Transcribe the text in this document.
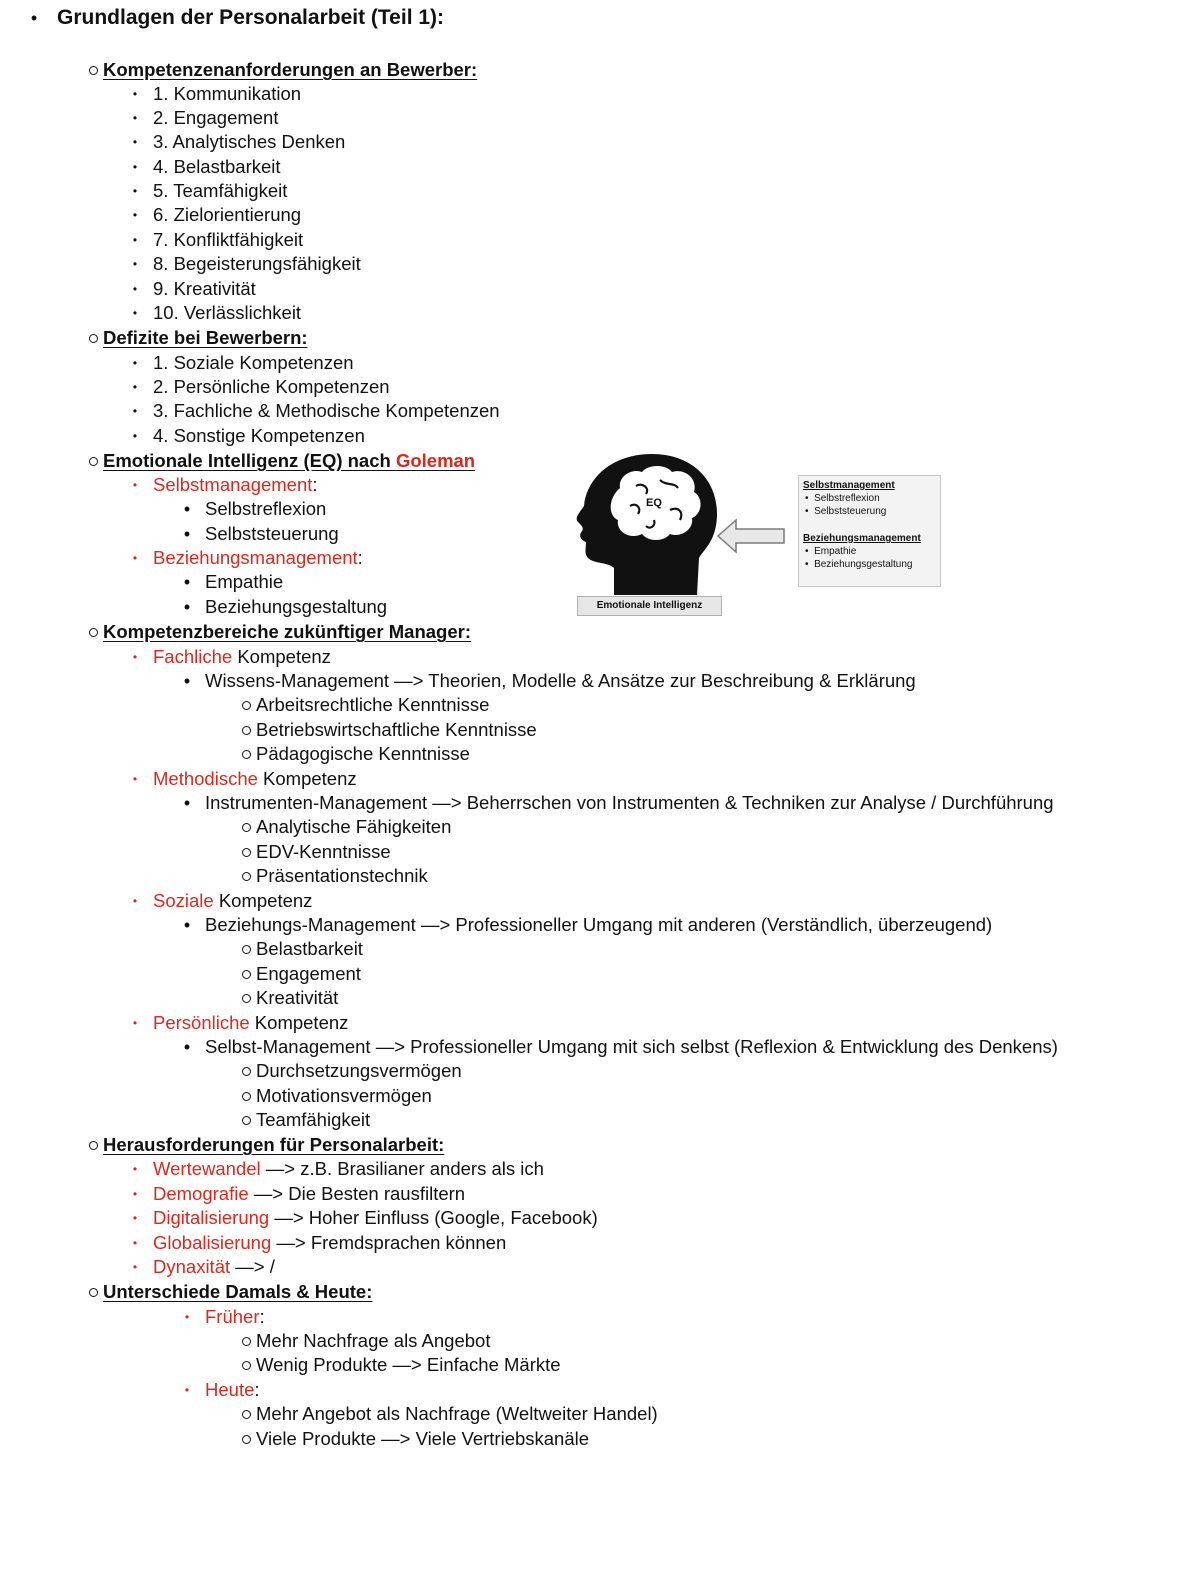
• Grundlagen der Personalarbeit (Teil 1):
Kompetenzenanforderungen an Bewerber:
• 1. Kommunikation
• 2. Engagement
• 3. Analytisches Denken
• 4. Belastbarkeit
• 5. Teamfähigkeit
• 6. Zielorientierung
• 7. Konfliktfähigkeit
• 8. Begeisterungsfähigkeit
• 9. Kreativität
• 10. Verlässlichkeit
Defizite bei Bewerbern:
• 1. Soziale Kompetenzen
• 2. Persönliche Kompetenzen
• 3. Fachliche & Methodische Kompetenzen
• 4. Sonstige Kompetenzen
Emotionale Intelligenz (EQ) nach Goleman
• Selbstmanagement:
• Selbstreflexion
• Selbststeuerung
• Beziehungsmanagement:
• Empathie
• Beziehungsgestaltung
Kompetenzbereiche zukünftiger Manager:
• Fachliche Kompetenz
• Wissens-Management —> Theorien, Modelle & Ansätze zur Beschreibung & Erklärung
Arbeitsrechtliche Kenntnisse
Betriebswirtschaftliche Kenntnisse
Pädagogische Kenntnisse
• Methodische Kompetenz
• Instrumenten-Management —> Beherrschen von Instrumenten & Techniken zur Analyse / Durchführung
Analytische Fähigkeiten
EDV-Kenntnisse
Präsentationstechnik
• Soziale Kompetenz
• Beziehungs-Management —> Professioneller Umgang mit anderen (Verständlich, überzeugend)
Belastbarkeit
Engagement
Kreativität
• Persönliche Kompetenz
• Selbst-Management —> Professioneller Umgang mit sich selbst (Reflexion & Entwicklung des Denkens)
Durchsetzungsvermögen
Motivationsvermögen
Teamfähigkeit
Herausforderungen für Personalarbeit:
• Wertewandel —> z.B. Brasilianer anders als ich
• Demografie —> Die Besten rausfiltern
• Digitalisierung —> Hoher Einfluss (Google, Facebook)
• Globalisierung —> Fremdsprachen können
• Dynaxität —> /
Unterschiede Damals & Heute:
• Früher:
Mehr Nachfrage als Angebot
Wenig Produkte —> Einfache Märkte
• Heute:
Mehr Angebot als Nachfrage (Weltweiter Handel)
Viele Produkte —> Viele Vertriebskanäle
EQ
Emotionale Intelligenz
Selbstmanagement
•  Selbstreflexion
•  Selbststeuerung
Beziehungsmanagement
•  Empathie
•  Beziehungsgestaltung
